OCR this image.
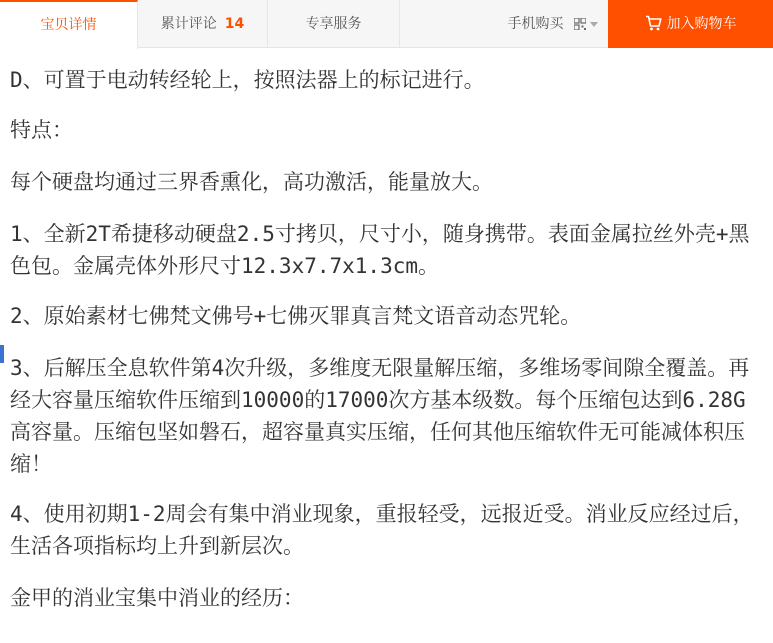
宝贝详情	累计评论 14	专享服务	手机购买	加入购物车

D、可置于电动转经轮上，按照法器上的标记进行。

特点：

每个硬盘均通过三界香熏化，高功激活，能量放大。

1、全新2T希捷移动硬盘2.5寸拷贝，尺寸小，随身携带。表面金属拉丝外壳+黑色包。金属壳体外形尺寸12.3x7.7x1.3cm。

2、原始素材七佛梵文佛号+七佛灭罪真言梵文语音动态咒轮。

3、后解压全息软件第4次升级，多维度无限量解压缩，多维场零间隙全覆盖。再经大容量压缩软件压缩到10000的17000次方基本级数。每个压缩包达到6.28G高容量。压缩包坚如磐石，超容量真实压缩，任何其他压缩软件无可能减体积压缩！

4、使用初期1-2周会有集中消业现象，重报轻受，远报近受。消业反应经过后，生活各项指标均上升到新层次。

金甲的消业宝集中消业的经历：
